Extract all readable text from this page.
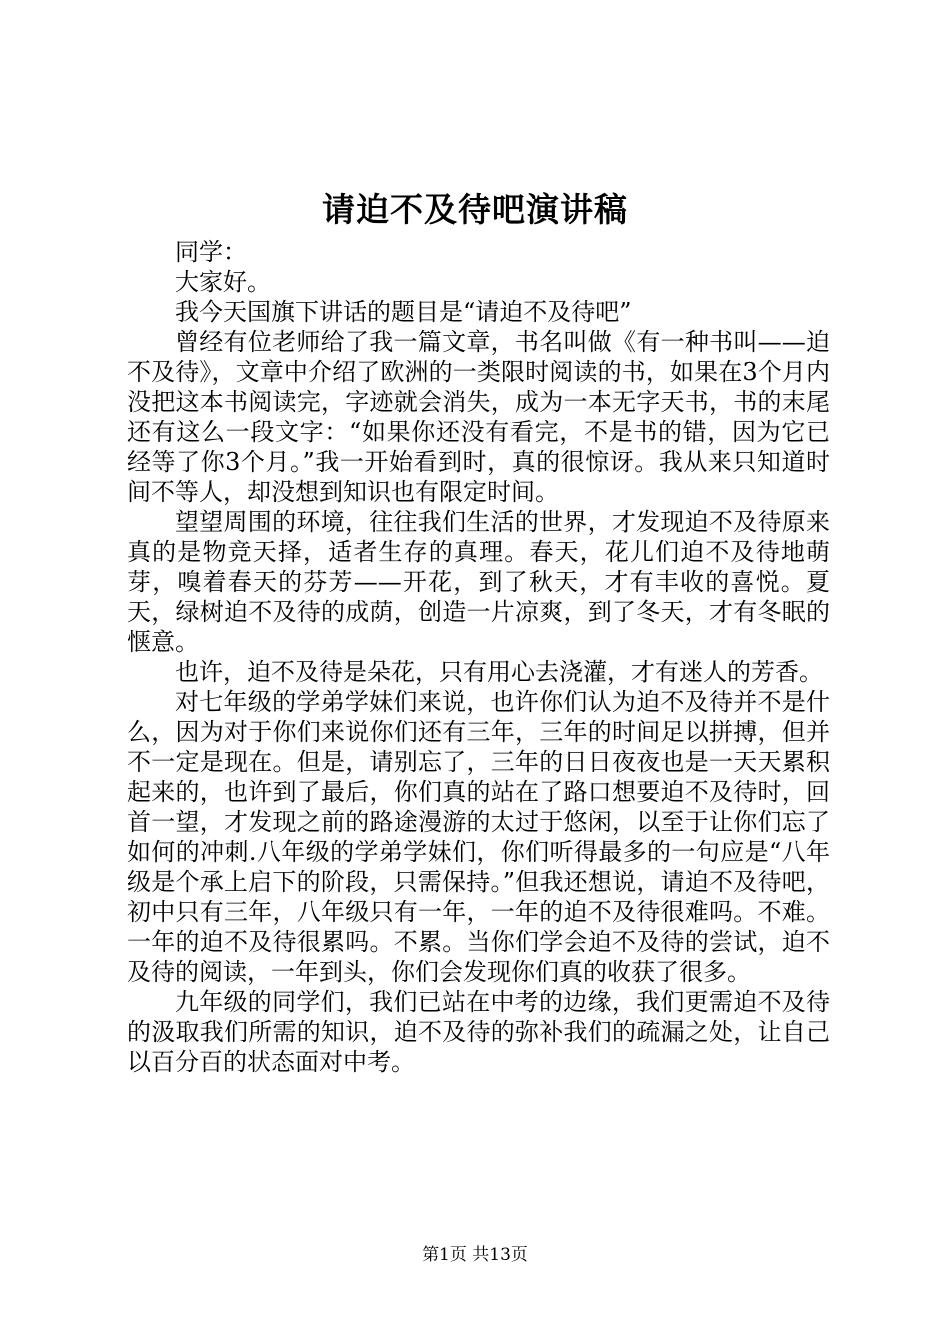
请迫不及待吧演讲稿

同学：

大家好。

我今天国旗下讲话的题目是“请迫不及待吧”

曾经有位老师给了我一篇文章，书名叫做《有一种书叫——迫不及待》，文章中介绍了欧洲的一类限时阅读的书，如果在3个月内没把这本书阅读完，字迹就会消失，成为一本无字天书，书的末尾还有这么一段文字：“如果你还没有看完，不是书的错，因为它已经等了你3个月。”我一开始看到时，真的很惊讶。我从来只知道时间不等人，却没想到知识也有限定时间。

望望周围的环境，往往我们生活的世界，才发现迫不及待原来真的是物竞天择，适者生存的真理。春天，花儿们迫不及待地萌芽，嗅着春天的芬芳——开花，到了秋天，才有丰收的喜悦。夏天，绿树迫不及待的成荫，创造一片凉爽，到了冬天，才有冬眠的惬意。

也许，迫不及待是朵花，只有用心去浇灌，才有迷人的芳香。

对七年级的学弟学妹们来说，也许你们认为迫不及待并不是什么，因为对于你们来说你们还有三年，三年的时间足以拼搏，但并不一定是现在。但是，请别忘了，三年的日日夜夜也是一天天累积起来的，也许到了最后，你们真的站在了路口想要迫不及待时，回首一望，才发现之前的路途漫游的太过于悠闲，以至于让你们忘了如何的冲刺.八年级的学弟学妹们，你们听得最多的一句应是“八年级是个承上启下的阶段，只需保持。”但我还想说，请迫不及待吧，初中只有三年，八年级只有一年，一年的迫不及待很难吗。不难。一年的迫不及待很累吗。不累。当你们学会迫不及待的尝试，迫不及待的阅读，一年到头，你们会发现你们真的收获了很多。

九年级的同学们，我们已站在中考的边缘，我们更需迫不及待的汲取我们所需的知识，迫不及待的弥补我们的疏漏之处，让自己以百分百的状态面对中考。

第1页 共13页
